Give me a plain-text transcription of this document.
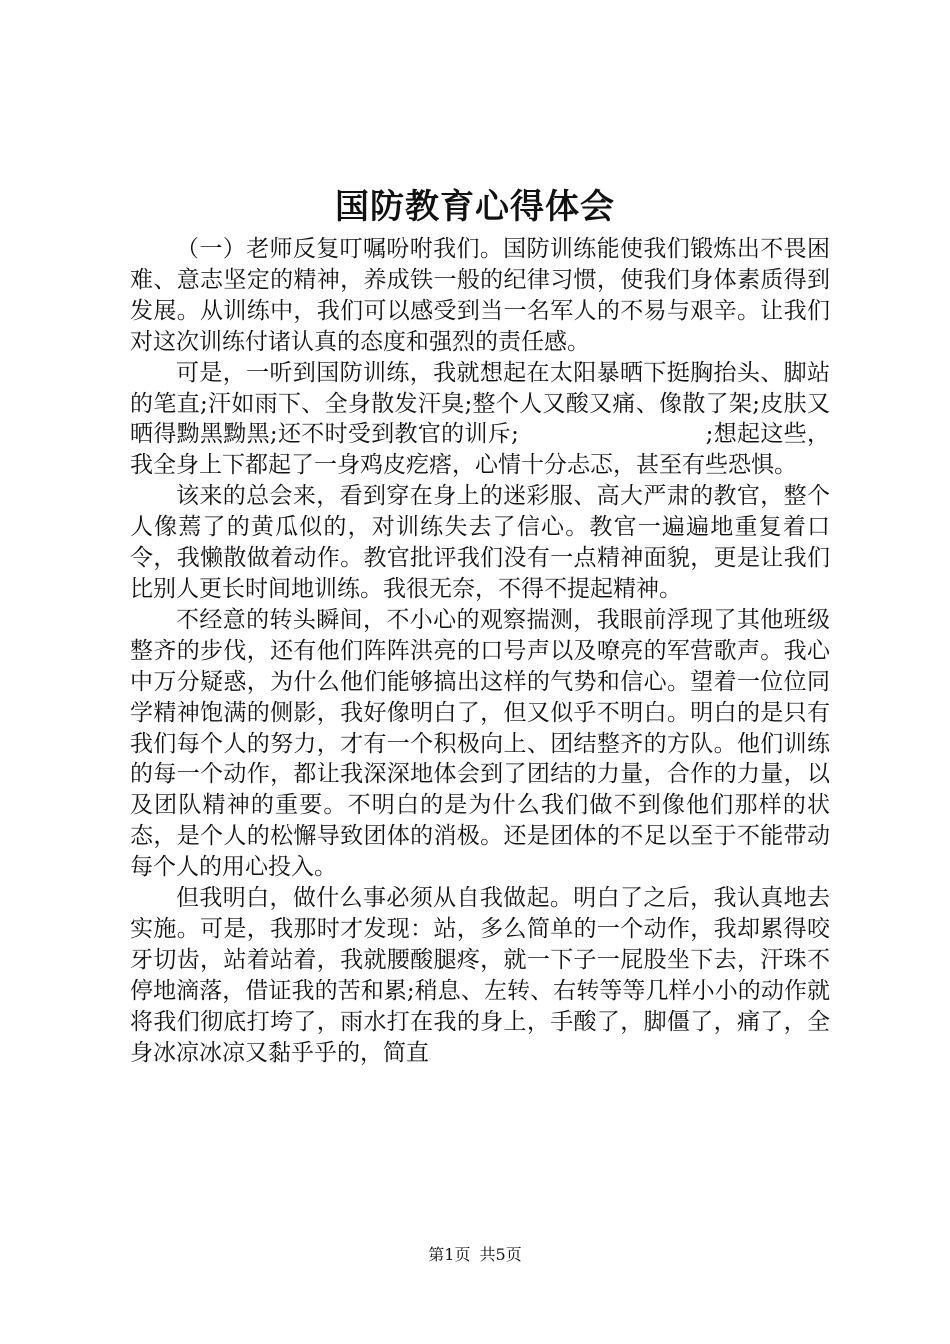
国防教育心得体会

（一）老师反复叮嘱吩咐我们。国防训练能使我们锻炼出不畏困难、意志坚定的精神，养成铁一般的纪律习惯，使我们身体素质得到发展。从训练中，我们可以感受到当一名军人的不易与艰辛。让我们对这次训练付诸认真的态度和强烈的责任感。

可是，一听到国防训练，我就想起在太阳暴晒下挺胸抬头、脚站的笔直;汗如雨下、全身散发汗臭;整个人又酸又痛、像散了架;皮肤又晒得黝黑黝黑;还不时受到教官的训斥;　　　　　　　　;想起这些，我全身上下都起了一身鸡皮疙瘩，心情十分忐忑，甚至有些恐惧。

该来的总会来，看到穿在身上的迷彩服、高大严肃的教官，整个人像蔫了的黄瓜似的，对训练失去了信心。教官一遍遍地重复着口令，我懒散做着动作。教官批评我们没有一点精神面貌，更是让我们比别人更长时间地训练。我很无奈，不得不提起精神。

不经意的转头瞬间，不小心的观察揣测，我眼前浮现了其他班级整齐的步伐，还有他们阵阵洪亮的口号声以及嘹亮的军营歌声。我心中万分疑惑，为什么他们能够搞出这样的气势和信心。望着一位位同学精神饱满的侧影，我好像明白了，但又似乎不明白。明白的是只有我们每个人的努力，才有一个积极向上、团结整齐的方队。他们训练的每一个动作，都让我深深地体会到了团结的力量，合作的力量，以及团队精神的重要。不明白的是为什么我们做不到像他们那样的状态，是个人的松懈导致团体的消极。还是团体的不足以至于不能带动每个人的用心投入。

但我明白，做什么事必须从自我做起。明白了之后，我认真地去实施。可是，我那时才发现：站，多么简单的一个动作，我却累得咬牙切齿，站着站着，我就腰酸腿疼，就一下子一屁股坐下去，汗珠不停地滴落，借证我的苦和累;稍息、左转、右转等等几样小小的动作就将我们彻底打垮了，雨水打在我的身上，手酸了，脚僵了，痛了，全身冰凉冰凉又黏乎乎的，简直

第1页 共5页
